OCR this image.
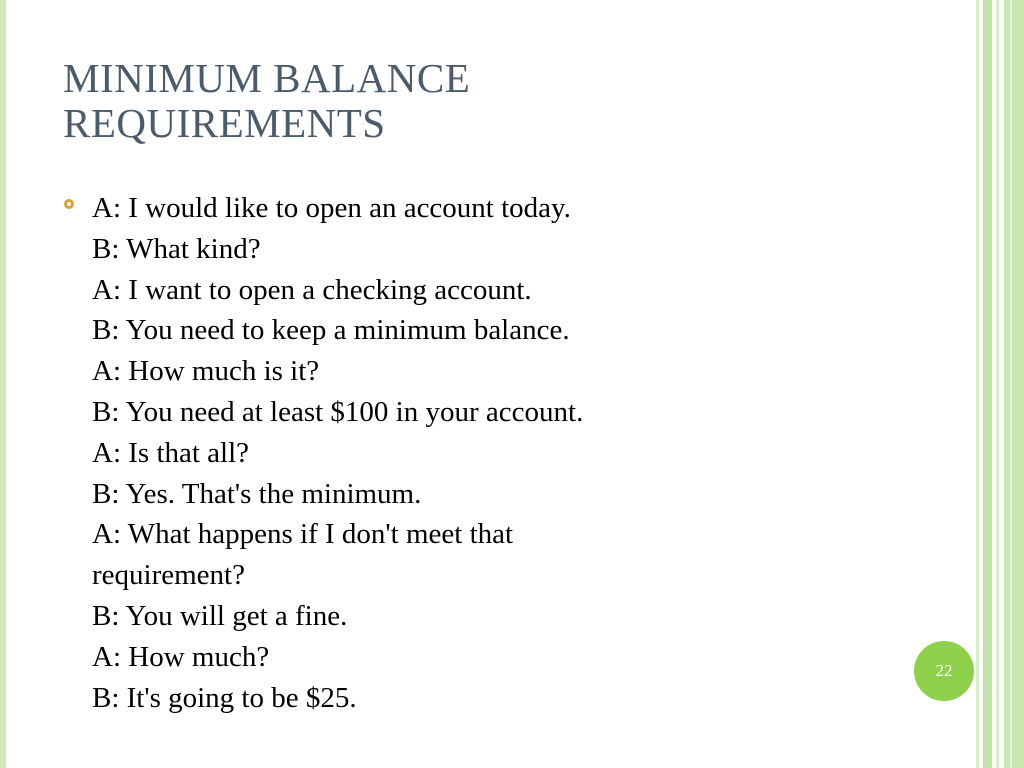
MINIMUM BALANCE
REQUIREMENTS
A: I would like to open an account today.
B: What kind?
A: I want to open a checking account.
B: You need to keep a minimum balance.
A: How much is it?
B: You need at least $100 in your account.
A: Is that all?
B: Yes. That's the minimum.
A: What happens if I don't meet that
requirement?
B: You will get a fine.
A: How much?
B: It's going to be $25.
22
